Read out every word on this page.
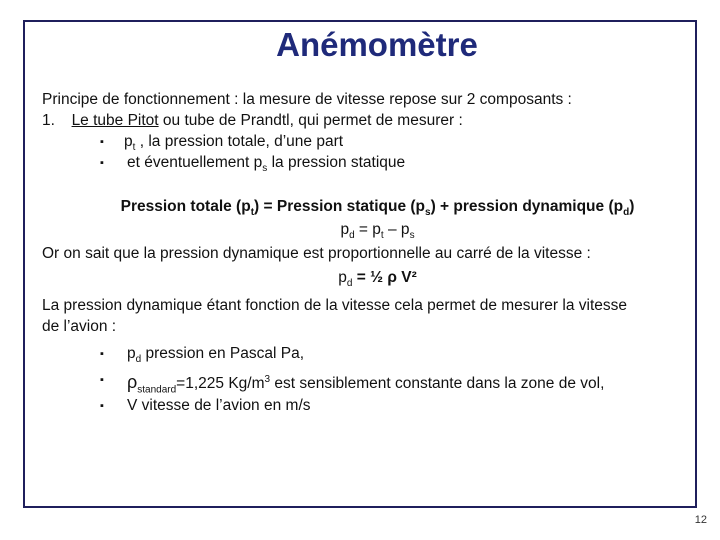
Anémomètre
Principe de fonctionnement : la mesure de vitesse repose sur 2 composants :
1. Le tube Pitot ou tube de Prandtl, qui permet de mesurer :
▪ $p_t$ , la pression totale, d’une part
▪ et éventuellement $p_s$ la pression statique
Pression totale $(p_t)$ = Pression statique $(p_s)$ + pression dynamique $(p_d)$
$p_d = p_t - p_s$
Or on sait que la pression dynamique est proportionnelle au carré de la vitesse :
$p_d$ = ½ ρ V²
La pression dynamique étant fonction de la vitesse cela permet de mesurer la vitesse
de l’avion :
▪ $p_d$ pression en Pascal Pa,
▪ $\rho_{standard}=1,225$ $Kg/m^3$ est sensiblement constante dans la zone de vol,
▪ V vitesse de l’avion en m/s
12
